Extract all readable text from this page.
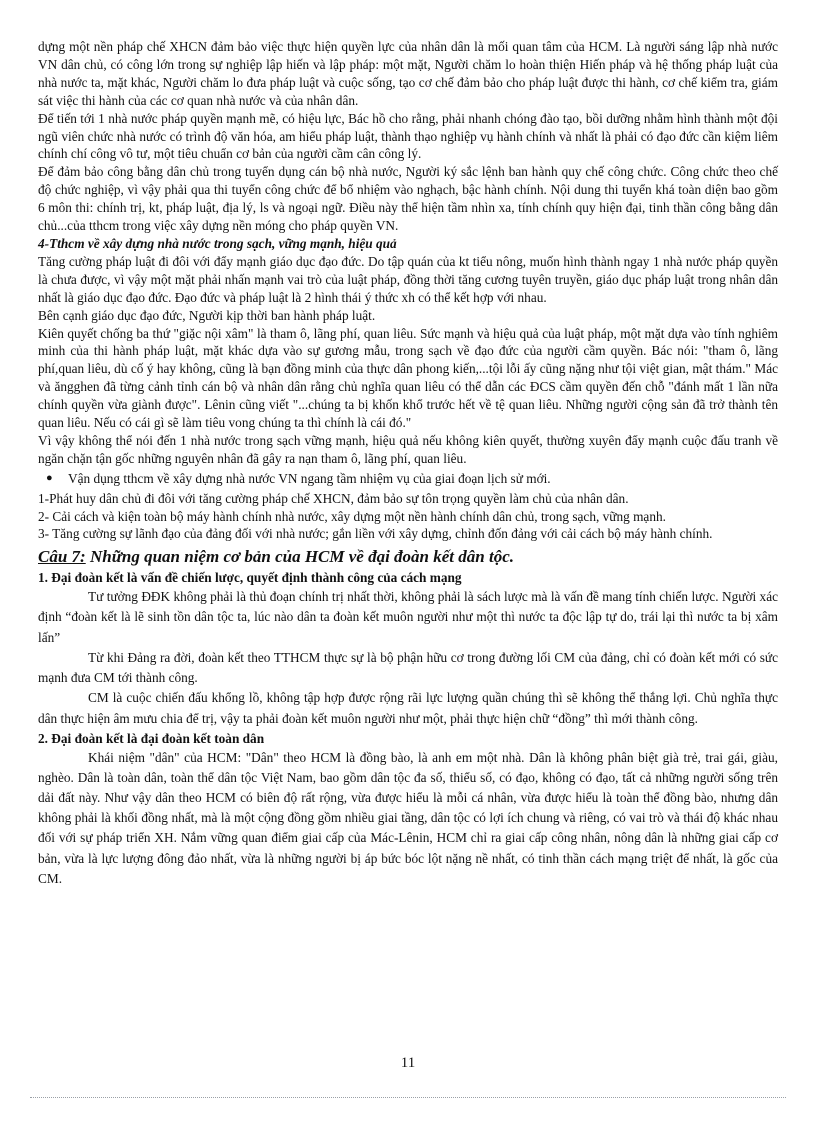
dựng một nền pháp chế XHCN đảm bảo việc thực hiện quyền lực của nhân dân là mối quan tâm của HCM. Là người sáng lập nhà nước VN dân chủ, có công lớn trong sự nghiệp lập hiến và lập pháp: một mặt, Người chăm lo hoàn thiện Hiến pháp và hệ thống pháp luật của nhà nước ta, mặt khác, Người chăm lo đưa pháp luật và cuộc sống, tạo cơ chế đảm bảo cho pháp luật được thi hành, cơ chế kiểm tra, giám sát việc thi hành của các cơ quan nhà nước và của nhân dân.

Để tiến tới 1 nhà nước pháp quyền mạnh mẽ, có hiệu lực, Bác hồ cho rằng, phải nhanh chóng đào tạo, bồi dưỡng nhằm hình thành một đội ngũ viên chức nhà nước có trình độ văn hóa, am hiểu pháp luật, thành thạo nghiệp vụ hành chính và nhất là phải có đạo đức cần kiệm liêm chính chí công vô tư, một tiêu chuẩn cơ bản của người cầm cân công lý.

Để đảm bảo công bằng dân chủ trong tuyển dụng cán bộ nhà nước, Người ký sắc lệnh ban hành quy chế công chức. Công chức theo chế độ chức nghiệp, vì vậy phải qua thi tuyển công chức để bổ nhiệm vào nghạch, bậc hành chính. Nội dung thi tuyển khá toàn diện bao gồm 6 môn thi: chính trị, kt, pháp luật, địa lý, ls và ngoại ngữ. Điều này thể hiện tầm nhìn xa, tính chính quy hiện đại, tinh thần công bằng dân chủ...của tthcm trong việc xây dựng nền móng cho pháp quyền VN.

4-Tthcm về xây dựng nhà nước trong sạch, vững mạnh, hiệu quả

Tăng cường pháp luật đi đôi với đẩy mạnh giáo dục đạo đức. Do tập quán của kt tiểu nông, muốn hình thành ngay 1 nhà nước pháp quyền là chưa được, vì vậy một mặt phải nhấn mạnh vai trò của luật pháp, đồng thời tăng cương tuyên truyền, giáo dục pháp luật trong nhân dân nhất là giáo dục đạo đức. Đạo đức và pháp luật là 2 hình thái ý thức xh có thể kết hợp với nhau.

Bên cạnh giáo dục đạo đức, Người kịp thời ban hành pháp luật.

Kiên quyết chống ba thứ "giặc nội xâm" là tham ô, lãng phí, quan liêu. Sức mạnh và hiệu quả của luật pháp, một mặt dựa vào tính nghiêm minh của thi hành pháp luật, mặt khác dựa vào sự gương mẫu, trong sạch về đạo đức của người cầm quyền. Bác nói: "tham ô, lãng phí,quan liêu, dù cố ý hay không, cũng là bạn đồng minh của thực dân phong kiến,...tội lỗi ấy cũng nặng như tội việt gian, mật thám." Mác và ăngghen đã từng cảnh tỉnh cán bộ và nhân dân rằng chủ nghĩa quan liêu có thể dẫn các ĐCS cầm quyền đến chỗ "đánh mất 1 lần nữa chính quyền vừa giành được". Lênin cũng viết "...chúng ta bị khốn khổ trước hết về tệ quan liêu. Những người cộng sản đã trở thành tên quan liêu. Nếu có cái gì sẽ làm tiêu vong chúng ta thì chính là cái đó."

Vì vậy không thể nói đến 1 nhà nước trong sạch vững mạnh, hiệu quả nếu không kiên quyết, thường xuyên đẩy mạnh cuộc đấu tranh về ngăn chặn tận gốc những nguyên nhân đã gây ra nạn tham ô, lãng phí, quan liêu.

●	Vận dụng tthcm về xây dựng nhà nước VN ngang tầm nhiệm vụ của giai đoạn lịch sử mới.

1-Phát huy dân chủ đi đôi với tăng cường pháp chế XHCN, đảm bảo sự tôn trọng quyền làm chủ của nhân dân.

2- Cải cách và kiện toàn bộ máy hành chính nhà nước, xây dựng một nền hành chính dân chủ, trong sạch, vững mạnh.

3- Tăng cường sự lãnh đạo của đảng đối với nhà nước; gắn liền với xây dựng, chỉnh đốn đảng với cải cách bộ máy hành chính.

Câu 7: Những quan niệm cơ bản của HCM về đại đoàn kết dân tộc.

1. Đại đoàn kết là vấn đề chiến lược, quyết định thành công của cách mạng

Tư tưởng ĐĐK không phải là thủ đoạn chính trị nhất thời, không phải là sách lược mà là vấn đề mang tính chiến lược. Người xác định “đoàn kết là lẽ sinh tồn dân tộc ta, lúc nào dân ta đoàn kết muôn người như một thì nước ta độc lập tự do, trái lại thì nước ta bị xâm lấn”

Từ khi Đảng ra đời, đoàn kết theo TTHCM thực sự là bộ phận hữu cơ trong đường lối CM của đảng, chỉ có đoàn kết mới có sức mạnh đưa CM tới thành công.

CM là cuộc chiến đấu khổng lồ, không tập hợp được rộng rãi lực lượng quần chúng thì sẽ không thể thắng lợi. Chủ nghĩa thực dân thực hiện âm mưu chia để trị, vậy ta phải đoàn kết muôn người như một, phải thực hiện chữ “đồng” thì mới thành công.

2. Đại đoàn kết là đại đoàn kết toàn dân

Khái niệm "dân" của HCM: "Dân" theo HCM là đồng bào, là anh em một nhà. Dân là không phân biệt già trẻ, trai gái, giàu, nghèo. Dân là toàn dân, toàn thể dân tộc Việt Nam, bao gồm dân tộc đa số, thiểu số, có đạo, không có đạo, tất cả những người sống trên dải đất này. Như vậy dân theo HCM có biên độ rất rộng, vừa được hiểu là mỗi cá nhân, vừa được hiểu là toàn thể đồng bào, nhưng dân không phải là khối đồng nhất, mà là một cộng đồng gồm nhiều giai tầng, dân tộc có lợi ích chung và riêng, có vai trò và thái độ khác nhau đối với sự pháp triển XH. Nắm vững quan điểm giai cấp của Mác-Lênin, HCM chỉ ra giai cấp công nhân, nông dân là những giai cấp cơ bản, vừa là lực lượng đông đảo nhất, vừa là những người bị áp bức bóc lột nặng nề nhất, có tinh thần cách mạng triệt để nhất, là gốc của CM.

11
